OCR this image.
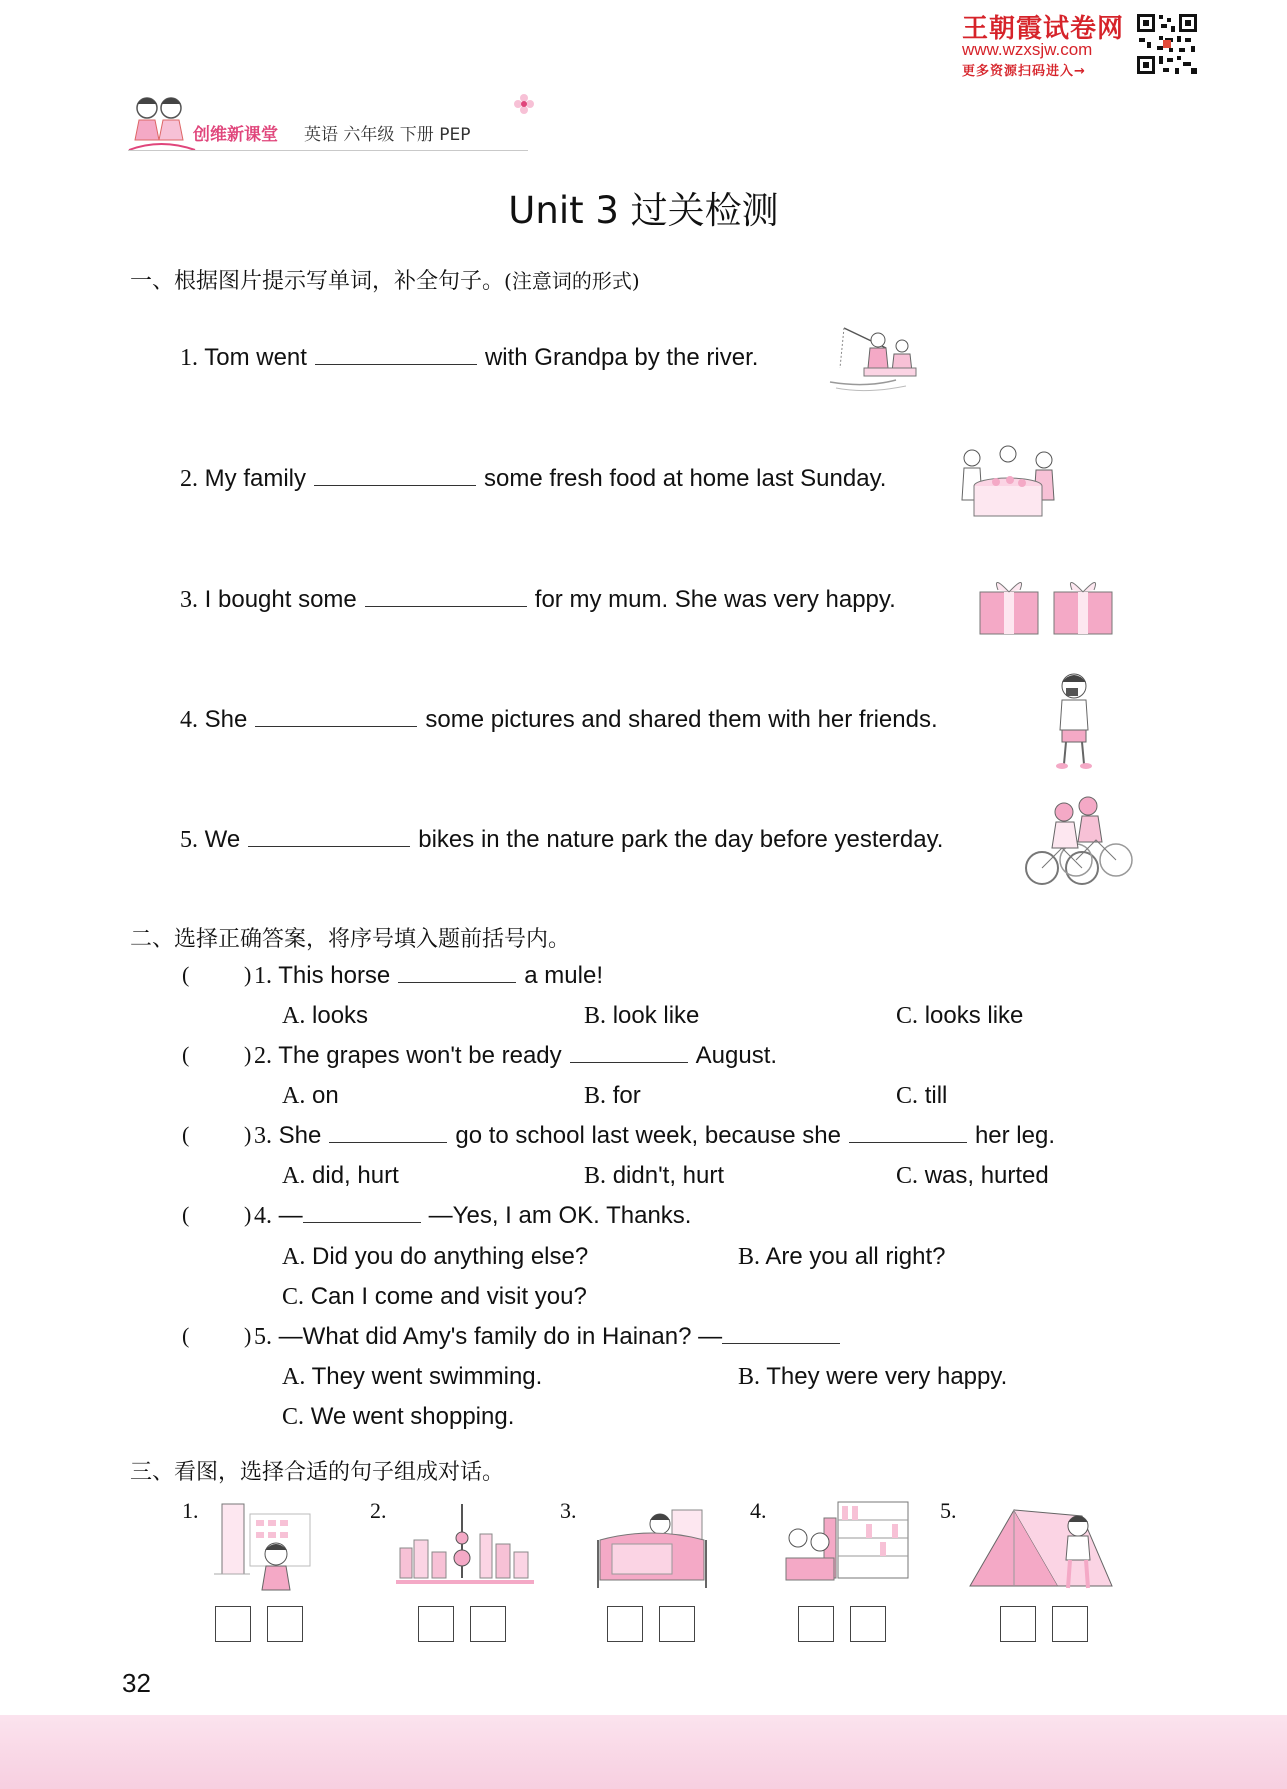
王朝霞试卷网
www.wzxsjw.com
更多资源扫码进入→
创维新课堂 英语 六年级 下册 PEP
Unit 3 过关检测
一、根据图片提示写单词，补全句子。(注意词的形式)
1. Tom went	with Grandpa by the river.
2. My family	some fresh food at home last Sunday.
3. I bought some	for my mum. She was very happy.
4. She	some pictures and shared them with her friends.
5. We	bikes in the nature park the day before yesterday.
二、选择正确答案，将序号填入题前括号内。
( ) 1. This horse	a mule!
A. looks	B. look like	C. looks like
( ) 2. The grapes won't be ready	August.
A. on	B. for	C. till
( ) 3. She	go to school last week, because she	her leg.
A. did, hurt	B. didn't, hurt	C. was, hurted
( ) 4. —	—Yes, I am OK. Thanks.
A. Did you do anything else?	B. Are you all right?
C. Can I come and visit you?
( ) 5. —What did Amy's family do in Hainan? —
A. They went swimming.	B. They were very happy.
C. We went shopping.
三、看图，选择合适的句子组成对话。
1.	2.	3.	4.	5.
32
